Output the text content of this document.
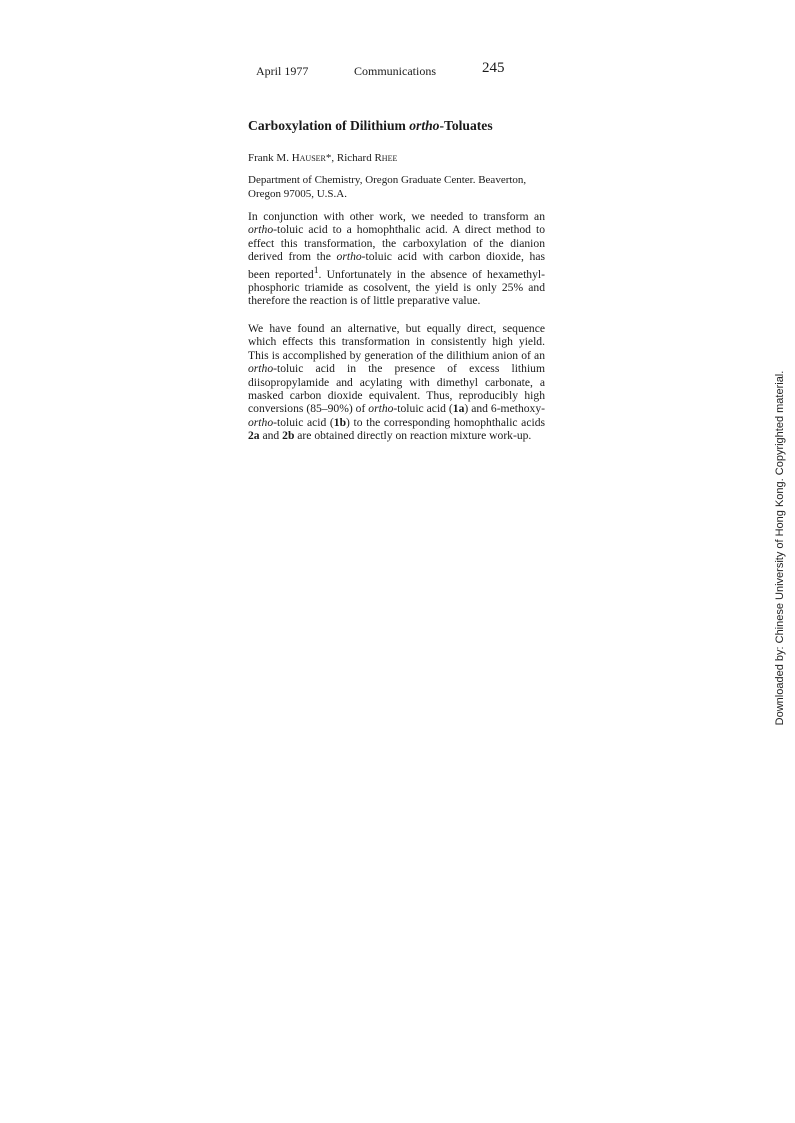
April 1977	Communications	245
Carboxylation of Dilithium ortho-Toluates
Frank M. Hauser*, Richard Rhee
Department of Chemistry, Oregon Graduate Center. Beaverton, Oregon 97005, U.S.A.

In conjunction with other work, we needed to transform an ortho-toluic acid to a homophthalic acid. A direct method to effect this transformation, the carboxylation of the dianion derived from the ortho-toluic acid with carbon dioxide, has been reported$^1$. Unfortunately in the absence of hexamethyl-phosphoric triamide as cosolvent, the yield is only 25% and therefore the reaction is of little preparative value.

We have found an alternative, but equally direct, sequence which effects this transformation in consistently high yield. This is accomplished by generation of the dilithium anion of an ortho-toluic acid in the presence of excess lithium diisopropylamide and acylating with dimethyl carbonate, a masked carbon dioxide equivalent. Thus, reproducibly high conversions (85–90%) of ortho-toluic acid (1a) and 6-methoxy-ortho-toluic acid (1b) to the corresponding homophthalic acids 2a and 2b are obtained directly on reaction mixture work-up.	Downloaded by: Chinese University of Hong Kong. Copyrighted material.
